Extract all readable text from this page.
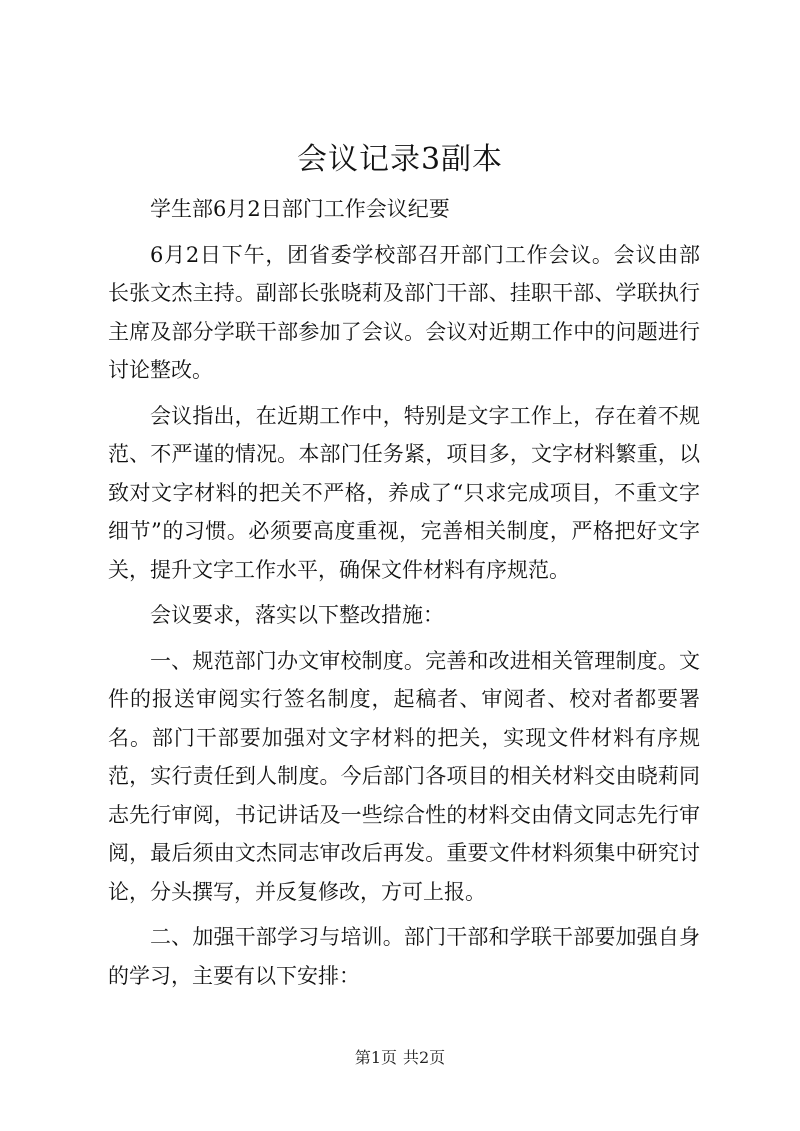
会议记录3副本

学生部6月2日部门工作会议纪要

6月2日下午，团省委学校部召开部门工作会议。会议由部长张文杰主持。副部长张晓莉及部门干部、挂职干部、学联执行主席及部分学联干部参加了会议。会议对近期工作中的问题进行讨论整改。

会议指出，在近期工作中，特别是文字工作上，存在着不规范、不严谨的情况。本部门任务紧，项目多，文字材料繁重，以致对文字材料的把关不严格，养成了“只求完成项目，不重文字细节”的习惯。必须要高度重视，完善相关制度，严格把好文字关，提升文字工作水平，确保文件材料有序规范。

会议要求，落实以下整改措施：

一、规范部门办文审校制度。完善和改进相关管理制度。文件的报送审阅实行签名制度，起稿者、审阅者、校对者都要署名。部门干部要加强对文字材料的把关，实现文件材料有序规范，实行责任到人制度。今后部门各项目的相关材料交由晓莉同志先行审阅，书记讲话及一些综合性的材料交由倩文同志先行审阅，最后须由文杰同志审改后再发。重要文件材料须集中研究讨论，分头撰写，并反复修改，方可上报。

二、加强干部学习与培训。部门干部和学联干部要加强自身的学习，主要有以下安排：

第1页 共2页
